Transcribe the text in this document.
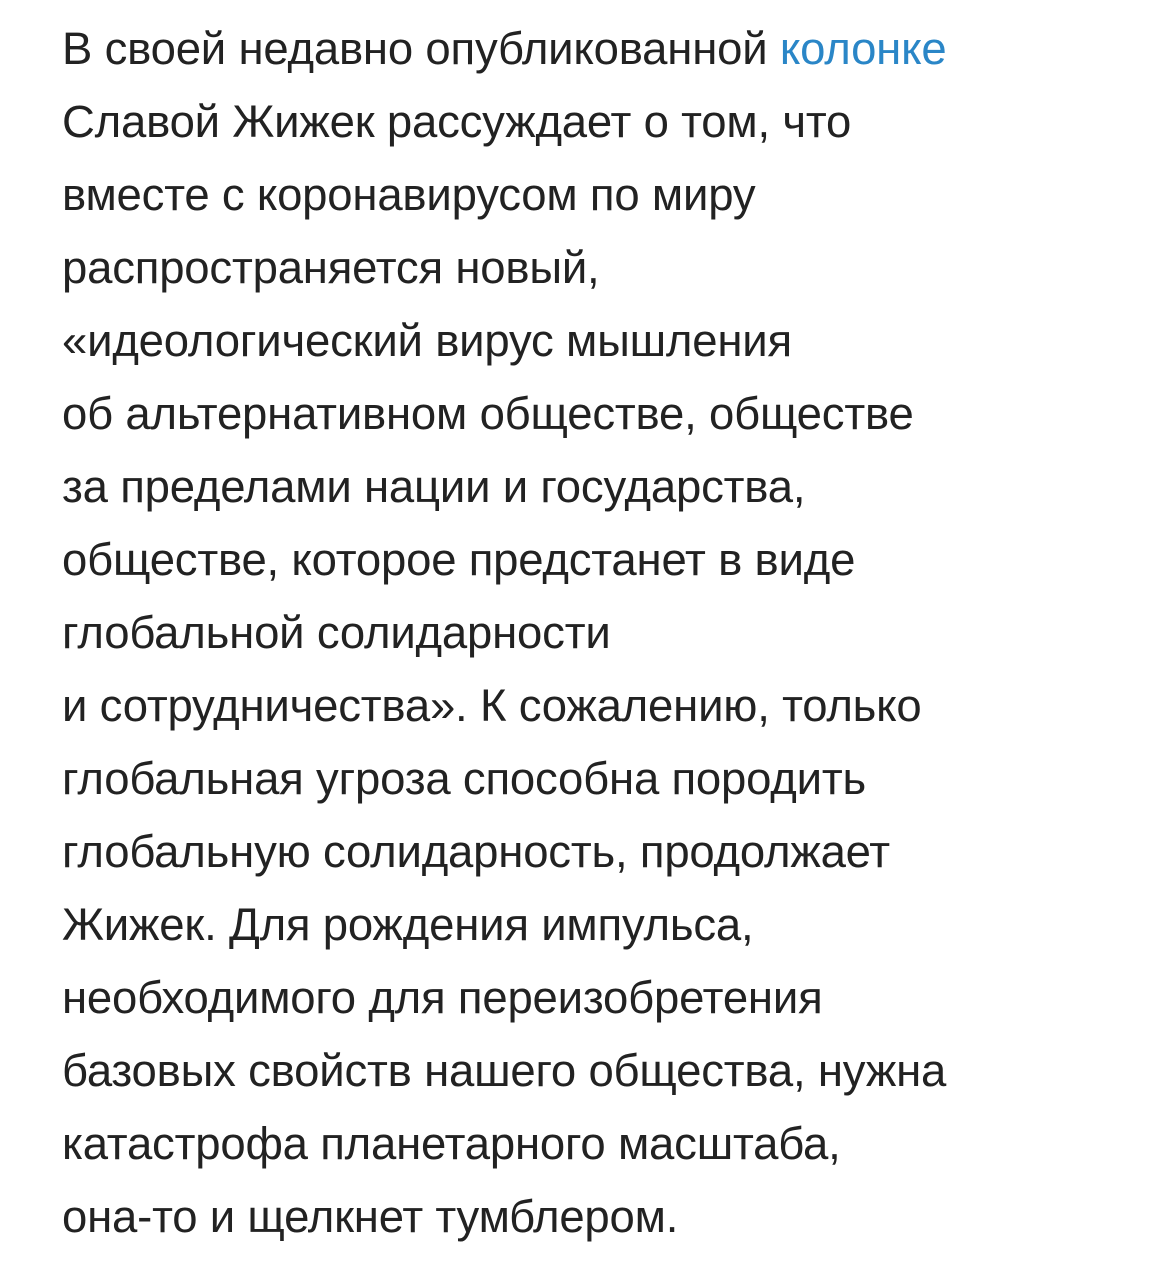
В своей недавно опубликованной колонке
Славой Жижек рассуждает о том, что
вместе с коронавирусом по миру
распространяется новый,
«идеологический вирус мышления
об альтернативном обществе, обществе
за пределами нации и государства,
обществе, которое предстанет в виде
глобальной солидарности
и сотрудничества». К сожалению, только
глобальная угроза способна породить
глобальную солидарность, продолжает
Жижек. Для рождения импульса,
необходимого для переизобретения
базовых свойств нашего общества, нужна
катастрофа планетарного масштаба,
она-то и щелкнет тумблером.
